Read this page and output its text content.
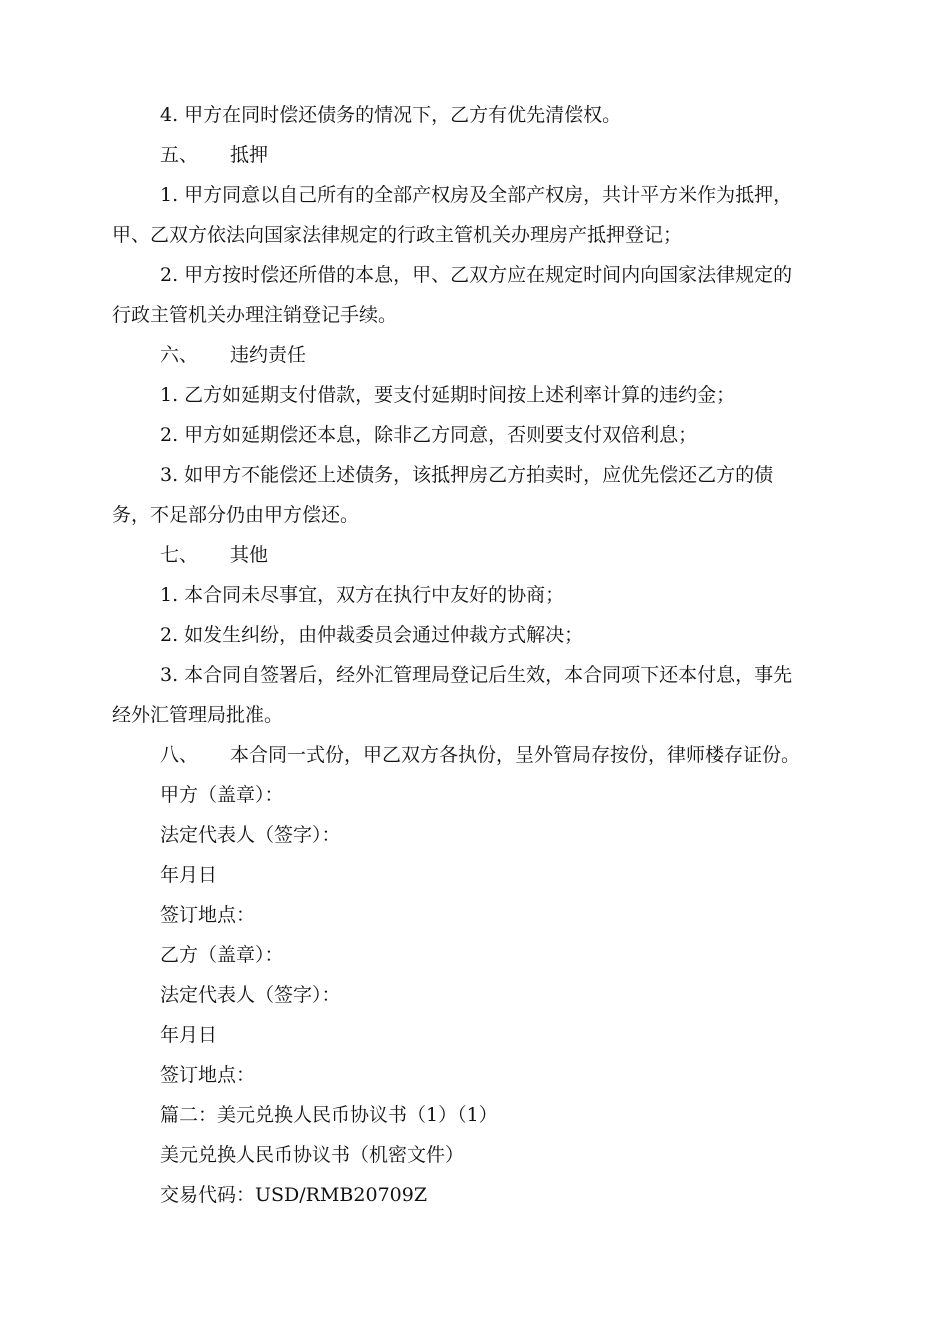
4. 甲方在同时偿还债务的情况下，乙方有优先清偿权。
五、 抵押
1. 甲方同意以自己所有的全部产权房及全部产权房，共计平方米作为抵押，
甲、乙双方依法向国家法律规定的行政主管机关办理房产抵押登记；
2. 甲方按时偿还所借的本息，甲、乙双方应在规定时间内向国家法律规定的
行政主管机关办理注销登记手续。
六、 违约责任
1. 乙方如延期支付借款，要支付延期时间按上述利率计算的违约金；
2. 甲方如延期偿还本息，除非乙方同意，否则要支付双倍利息；
3. 如甲方不能偿还上述债务，该抵押房乙方拍卖时，应优先偿还乙方的债
务，不足部分仍由甲方偿还。
七、 其他
1. 本合同未尽事宜，双方在执行中友好的协商；
2. 如发生纠纷，由仲裁委员会通过仲裁方式解决；
3. 本合同自签署后，经外汇管理局登记后生效，本合同项下还本付息，事先
经外汇管理局批准。
八、 本合同一式份，甲乙双方各执份，呈外管局存按份，律师楼存证份。
甲方（盖章）：
法定代表人（签字）：
年月日
签订地点：
乙方（盖章）：
法定代表人（签字）：
年月日
签订地点：
篇二：美元兑换人民币协议书（1）（1）
美元兑换人民币协议书（机密文件）
交易代码：USD/RMB20709Z
